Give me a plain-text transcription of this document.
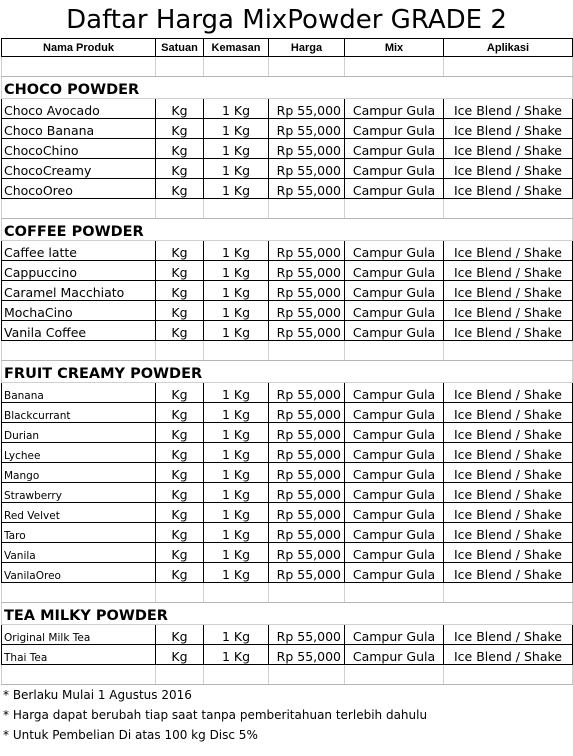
Daftar Harga MixPowder GRADE 2
Nama Produk	Satuan	Kemasan	Harga	Mix	Aplikasi

CHOCO POWDER					
Choco Avocado	Kg	1 Kg	Rp 55,000	Campur Gula	Ice Blend / Shake
Choco Banana	Kg	1 Kg	Rp 55,000	Campur Gula	Ice Blend / Shake
ChocoChino	Kg	1 Kg	Rp 55,000	Campur Gula	Ice Blend / Shake
ChocoCreamy	Kg	1 Kg	Rp 55,000	Campur Gula	Ice Blend / Shake
ChocoOreo	Kg	1 Kg	Rp 55,000	Campur Gula	Ice Blend / Shake

COFFEE POWDER					
Caffee latte	Kg	1 Kg	Rp 55,000	Campur Gula	Ice Blend / Shake
Cappuccino	Kg	1 Kg	Rp 55,000	Campur Gula	Ice Blend / Shake
Caramel Macchiato	Kg	1 Kg	Rp 55,000	Campur Gula	Ice Blend / Shake
MochaCino	Kg	1 Kg	Rp 55,000	Campur Gula	Ice Blend / Shake
Vanila Coffee	Kg	1 Kg	Rp 55,000	Campur Gula	Ice Blend / Shake

FRUIT CREAMY POWDER					
Banana	Kg	1 Kg	Rp 55,000	Campur Gula	Ice Blend / Shake
Blackcurrant	Kg	1 Kg	Rp 55,000	Campur Gula	Ice Blend / Shake
Durian	Kg	1 Kg	Rp 55,000	Campur Gula	Ice Blend / Shake
Lychee	Kg	1 Kg	Rp 55,000	Campur Gula	Ice Blend / Shake
Mango	Kg	1 Kg	Rp 55,000	Campur Gula	Ice Blend / Shake
Strawberry	Kg	1 Kg	Rp 55,000	Campur Gula	Ice Blend / Shake
Red Velvet	Kg	1 Kg	Rp 55,000	Campur Gula	Ice Blend / Shake
Taro	Kg	1 Kg	Rp 55,000	Campur Gula	Ice Blend / Shake
Vanila	Kg	1 Kg	Rp 55,000	Campur Gula	Ice Blend / Shake
VanilaOreo	Kg	1 Kg	Rp 55,000	Campur Gula	Ice Blend / Shake

TEA MILKY POWDER					
Original Milk Tea	Kg	1 Kg	Rp 55,000	Campur Gula	Ice Blend / Shake
Thai Tea	Kg	1 Kg	Rp 55,000	Campur Gula	Ice Blend / Shake

* Berlaku Mulai 1 Agustus 2016
* Harga dapat berubah tiap saat tanpa pemberitahuan terlebih dahulu
* Untuk Pembelian Di atas 100 kg Disc 5%
